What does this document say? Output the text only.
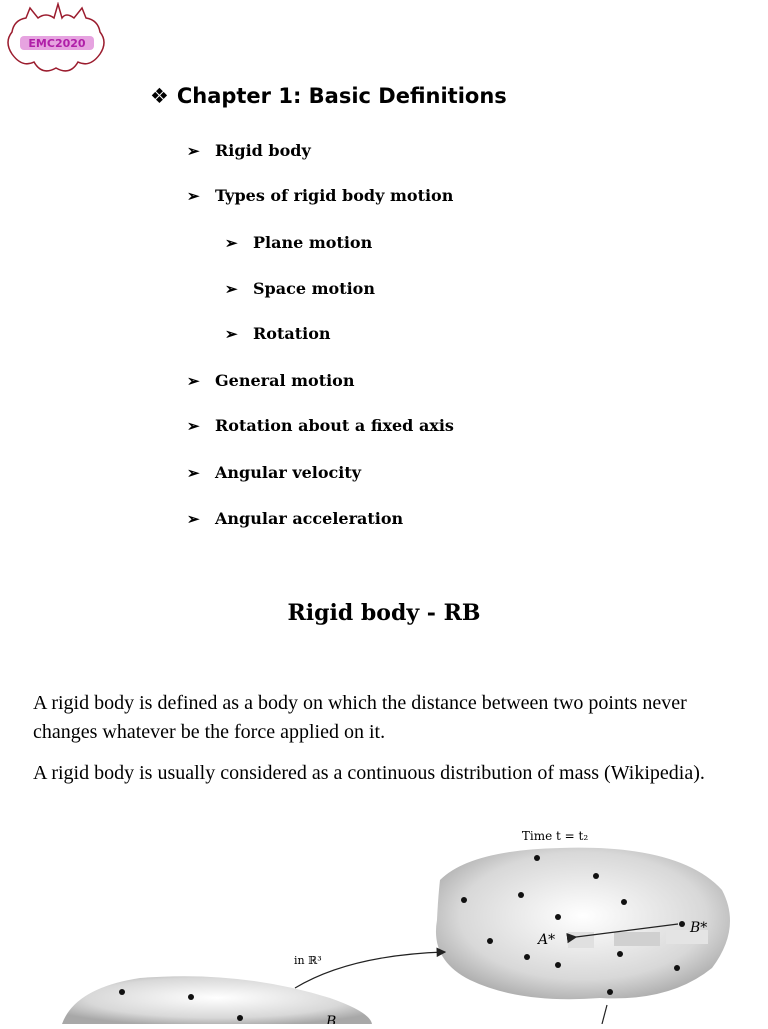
EMC2020
❖ Chapter 1: Basic Definitions
➢ Rigid body
➢ Types of rigid body motion
➢ Plane motion
➢ Space motion
➢ Rotation
➢ General motion
➢ Rotation about a fixed axis
➢ Angular velocity
➢ Angular acceleration
Rigid body - RB
A rigid body is defined as a body on which the distance between two points never changes whatever be the force applied on it.
A rigid body is usually considered as a continuous distribution of mass (Wikipedia).
Time t = t₂
A*
B*
in ℝ³
B
